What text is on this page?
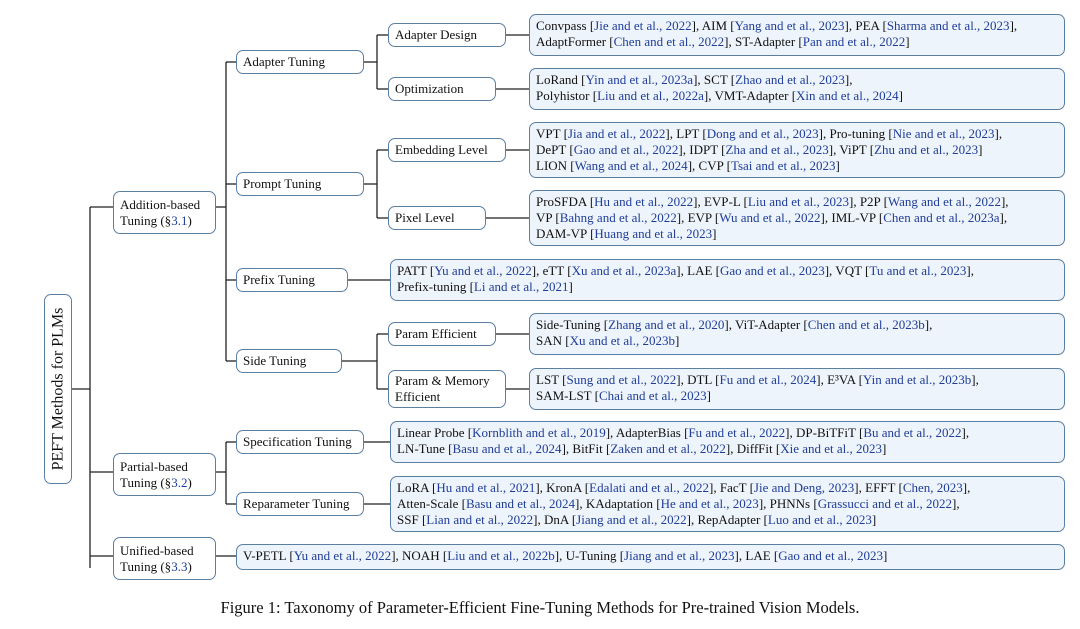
PEFT Methods for PLMs
Addition-based
Tuning (§3.1)
Partial-based
Tuning (§3.2)
Unified-based
Tuning (§3.3)
Adapter Tuning
Prompt Tuning
Prefix Tuning
Side Tuning
Specification Tuning
Reparameter Tuning
Adapter Design
Optimization
Embedding Level
Pixel Level
Param Efficient
Param & Memory
Efficient
Convpass [Jie and et al., 2022], AIM [Yang and et al., 2023], PEA [Sharma and et al., 2023],
AdaptFormer [Chen and et al., 2022], ST-Adapter [Pan and et al., 2022]
LoRand [Yin and et al., 2023a], SCT [Zhao and et al., 2023],
Polyhistor [Liu and et al., 2022a], VMT-Adapter [Xin and et al., 2024]
VPT [Jia and et al., 2022], LPT [Dong and et al., 2023], Pro-tuning [Nie and et al., 2023],
DePT [Gao and et al., 2022], IDPT [Zha and et al., 2023], ViPT [Zhu and et al., 2023]
LION [Wang and et al., 2024], CVP [Tsai and et al., 2023]
ProSFDA [Hu and et al., 2022], EVP-L [Liu and et al., 2023], P2P [Wang and et al., 2022],
VP [Bahng and et al., 2022], EVP [Wu and et al., 2022], IML-VP [Chen and et al., 2023a],
DAM-VP [Huang and et al., 2023]
PATT [Yu and et al., 2022], eTT [Xu and et al., 2023a], LAE [Gao and et al., 2023], VQT [Tu and et al., 2023],
Prefix-tuning [Li and et al., 2021]
Side-Tuning [Zhang and et al., 2020], ViT-Adapter [Chen and et al., 2023b],
SAN [Xu and et al., 2023b]
LST [Sung and et al., 2022], DTL [Fu and et al., 2024], E³VA [Yin and et al., 2023b],
SAM-LST [Chai and et al., 2023]
Linear Probe [Kornblith and et al., 2019], AdapterBias [Fu and et al., 2022], DP-BiTFiT [Bu and et al., 2022],
LN-Tune [Basu and et al., 2024], BitFit [Zaken and et al., 2022], DiffFit [Xie and et al., 2023]
LoRA [Hu and et al., 2021], KronA [Edalati and et al., 2022], FacT [Jie and Deng, 2023], EFFT [Chen, 2023],
Atten-Scale [Basu and et al., 2024], KAdaptation [He and et al., 2023], PHNNs [Grassucci and et al., 2022],
SSF [Lian and et al., 2022], DnA [Jiang and et al., 2022], RepAdapter [Luo and et al., 2023]
V-PETL [Yu and et al., 2022], NOAH [Liu and et al., 2022b], U-Tuning [Jiang and et al., 2023], LAE [Gao and et al., 2023]
Figure 1: Taxonomy of Parameter-Efficient Fine-Tuning Methods for Pre-trained Vision Models.
